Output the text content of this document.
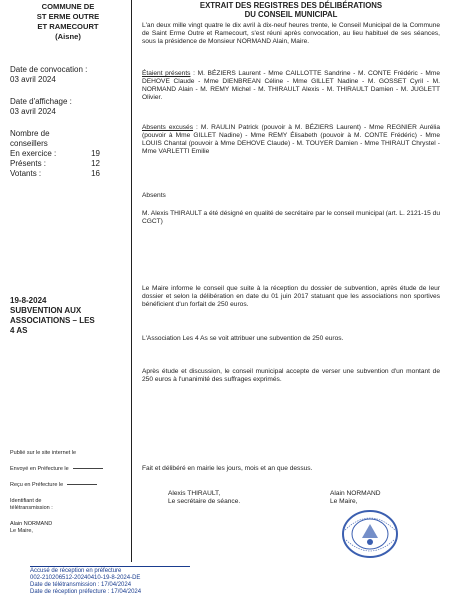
COMMUNE DE
ST ERME OUTRE
ET RAMECOURT
(Aisne)
Date de convocation :
03 avril 2024
Date d'affichage :
03 avril 2024
Nombre de conseillers
En exercice :	19
Présents :	12
Votants :	16
19-8-2024
SUBVENTION AUX ASSOCIATIONS – LES 4 AS
Publié sur le site internet le
Envoyé en Préfecture le
Reçu en Préfecture le
Identifiant de télétransmission :
Alain NORMAND
Le Maire,
EXTRAIT DES REGISTRES DES DÉLIBÉRATIONS
DU CONSEIL MUNICIPAL
L'an deux mille vingt quatre le dix avril à dix-neuf heures trente, le Conseil Municipal de la Commune de Saint Erme Outre et Ramecourt, s'est réuni après convocation, au lieu habituel de ses séances, sous la présidence de Monsieur NORMAND Alain, Maire.
Étaient présents : M. BÉZIERS Laurent - Mme CAILLOTTE Sandrine - M. CONTE Frédéric - Mme DEHOVE Claude - Mme DIENBREAN Céline - Mme GILLET Nadine - M. GOSSET Cyril - M. NORMAND Alain - M. REMY Michel - M. THIRAULT Alexis - M. THIRAULT Damien - M. JUGLETT Olivier.
Absents excusés : M. RAULIN Patrick (pouvoir à M. BÉZIERS Laurent) - Mme REGNIER Aurélia (pouvoir à Mme GILLET Nadine) - Mme REMY Élisabeth (pouvoir à M. CONTE Frédéric) - Mme LOUIS Chantal (pouvoir à Mme DEHOVE Claude) - M. TOUYER Damien - Mme THIRAUT Chrystel - Mme VARLETTI Emilie
Absents
M. Alexis THIRAULT a été désigné en qualité de secrétaire par le conseil municipal (art. L. 2121-15 du CGCT)
Le Maire informe le conseil que suite à la réception du dossier de subvention, après étude de leur dossier et selon la délibération en date du 01 juin 2017 statuant que les associations non sportives bénéficient d'un forfait de 250 euros.
L'Association Les 4 As se voit attribuer une subvention de 250 euros.
Après étude et discussion, le conseil municipal accepte de verser une subvention d'un montant de 250 euros à l'unanimité des suffrages exprimés.
Fait et délibéré en mairie les jours, mois et an que dessus.
Alexis THIRAULT,
Le secrétaire de séance.
Alain NORMAND
Le Maire,
Accusé de réception en préfecture
002-210206512-20240410-19-8-2024-DE
Date de télétransmission : 17/04/2024
Date de réception préfecture : 17/04/2024
